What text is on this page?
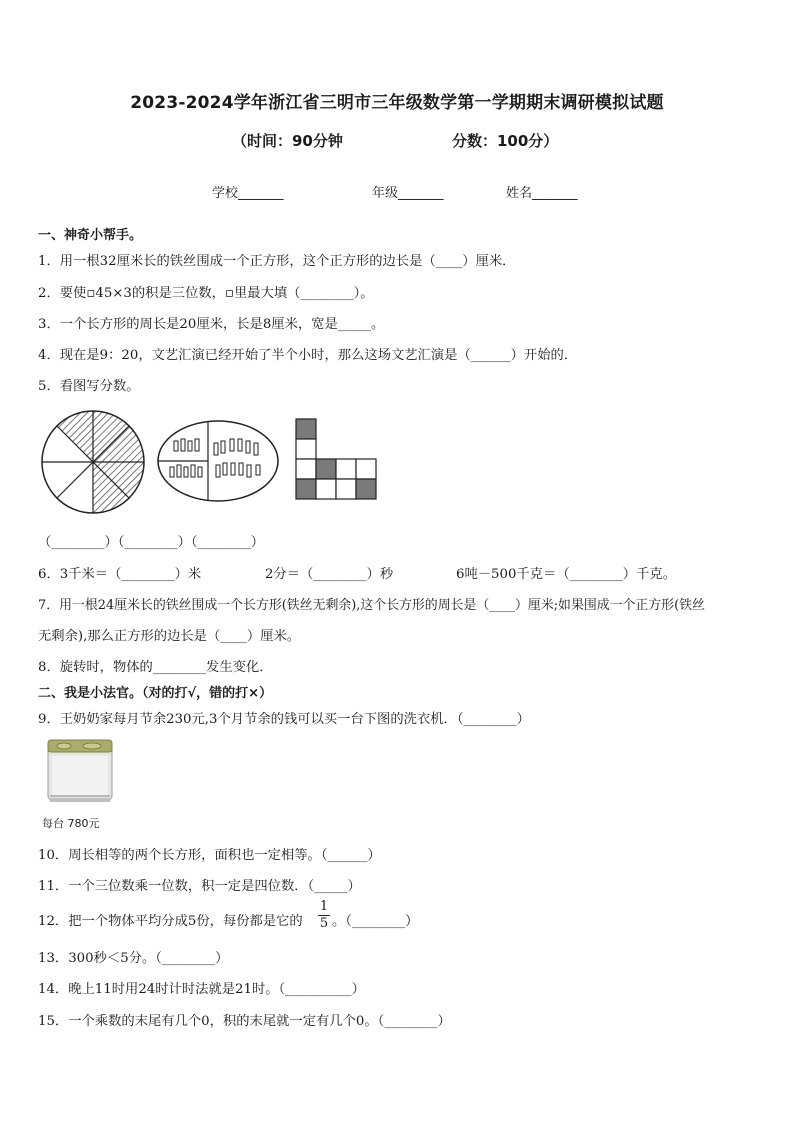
2023-2024学年浙江省三明市三年级数学第一学期期末调研模拟试题
（时间：90分钟	分数：100分）
学校_______	年级_______	姓名_______
一、神奇小帮手。
1．用一根32厘米长的铁丝围成一个正方形，这个正方形的边长是（____）厘米．
2．要使▫45×3的积是三位数，▫里最大填（________）。
3．一个长方形的周长是20厘米，长是8厘米，宽是_____。
4．现在是9：20，文艺汇演已经开始了半个小时，那么这场文艺汇演是（______）开始的．
5．看图写分数。
（________）（________）（________）
6．3千米＝（________）米	2分＝（________）秒	6吨－500千克＝（________）千克。
7．用一根24厘米长的铁丝围成一个长方形(铁丝无剩余),这个长方形的周长是（____）厘米;如果围成一个正方形(铁丝
无剩余),那么正方形的边长是（____）厘米。
8．旋转时，物体的________发生变化．
二、我是小法官。（对的打√，错的打×）
9．王奶奶家每月节余230元,3个月节余的钱可以买一台下图的洗衣机．（________）
每台 780元
10．周长相等的两个长方形，面积也一定相等。（______）
11．一个三位数乘一位数，积一定是四位数．（_____）
12．把一个物体平均分成5份，每份都是它的
1
5 。（________）
13．300秒＜5分。（________）
14．晚上11时用24时计时法就是21时。（__________）
15．一个乘数的末尾有几个0，积的末尾就一定有几个0。（________）
